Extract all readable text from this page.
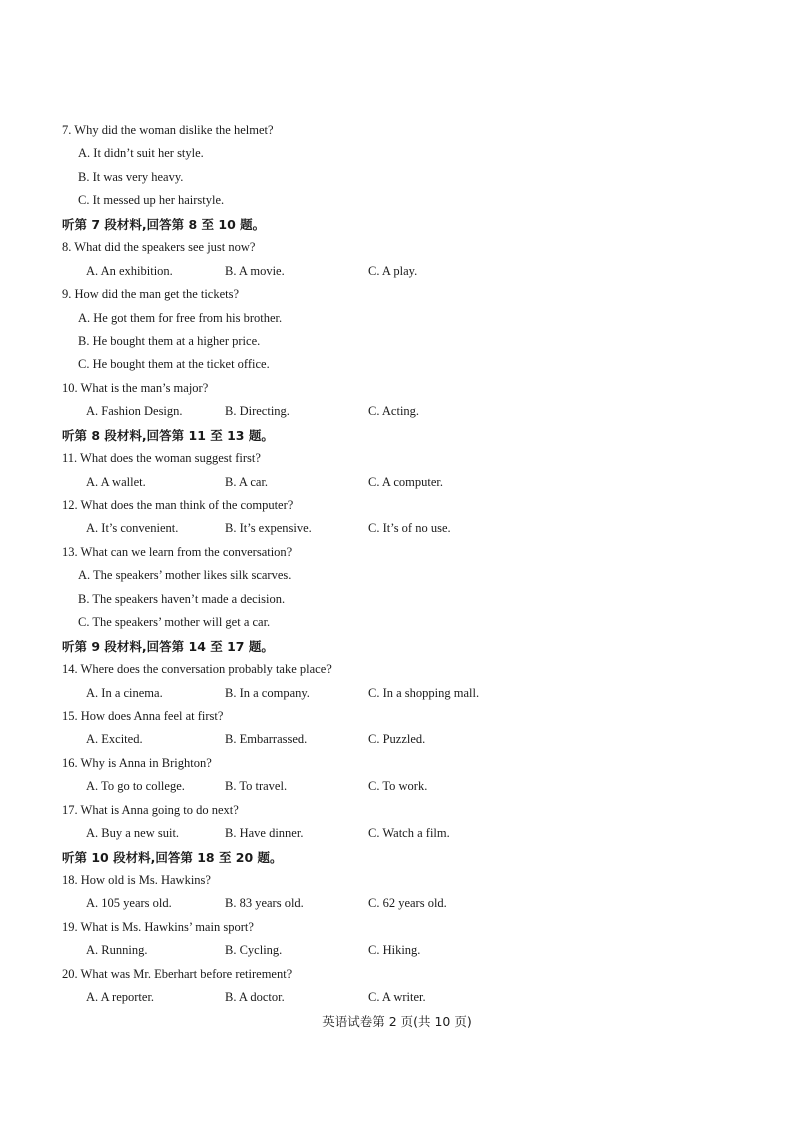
7. Why did the woman dislike the helmet?
A. It didn’t suit her style.
B. It was very heavy.
C. It messed up her hairstyle.
听第 7 段材料,回答第 8 至 10 题。
8. What did the speakers see just now?
A. An exhibition.	B. A movie.	C. A play.
9. How did the man get the tickets?
A. He got them for free from his brother.
B. He bought them at a higher price.
C. He bought them at the ticket office.
10. What is the man’s major?
A. Fashion Design.	B. Directing.	C. Acting.
听第 8 段材料,回答第 11 至 13 题。
11. What does the woman suggest first?
A. A wallet.	B. A car.	C. A computer.
12. What does the man think of the computer?
A. It’s convenient.	B. It’s expensive.	C. It’s of no use.
13. What can we learn from the conversation?
A. The speakers’ mother likes silk scarves.
B. The speakers haven’t made a decision.
C. The speakers’ mother will get a car.
听第 9 段材料,回答第 14 至 17 题。
14. Where does the conversation probably take place?
A. In a cinema.	B. In a company.	C. In a shopping mall.
15. How does Anna feel at first?
A. Excited.	B. Embarrassed.	C. Puzzled.
16. Why is Anna in Brighton?
A. To go to college.	B. To travel.	C. To work.
17. What is Anna going to do next?
A. Buy a new suit.	B. Have dinner.	C. Watch a film.
听第 10 段材料,回答第 18 至 20 题。
18. How old is Ms. Hawkins?
A. 105 years old.	B. 83 years old.	C. 62 years old.
19. What is Ms. Hawkins’ main sport?
A. Running.	B. Cycling.	C. Hiking.
20. What was Mr. Eberhart before retirement?
A. A reporter.	B. A doctor.	C. A writer.
英语试卷第 2 页(共 10 页)
